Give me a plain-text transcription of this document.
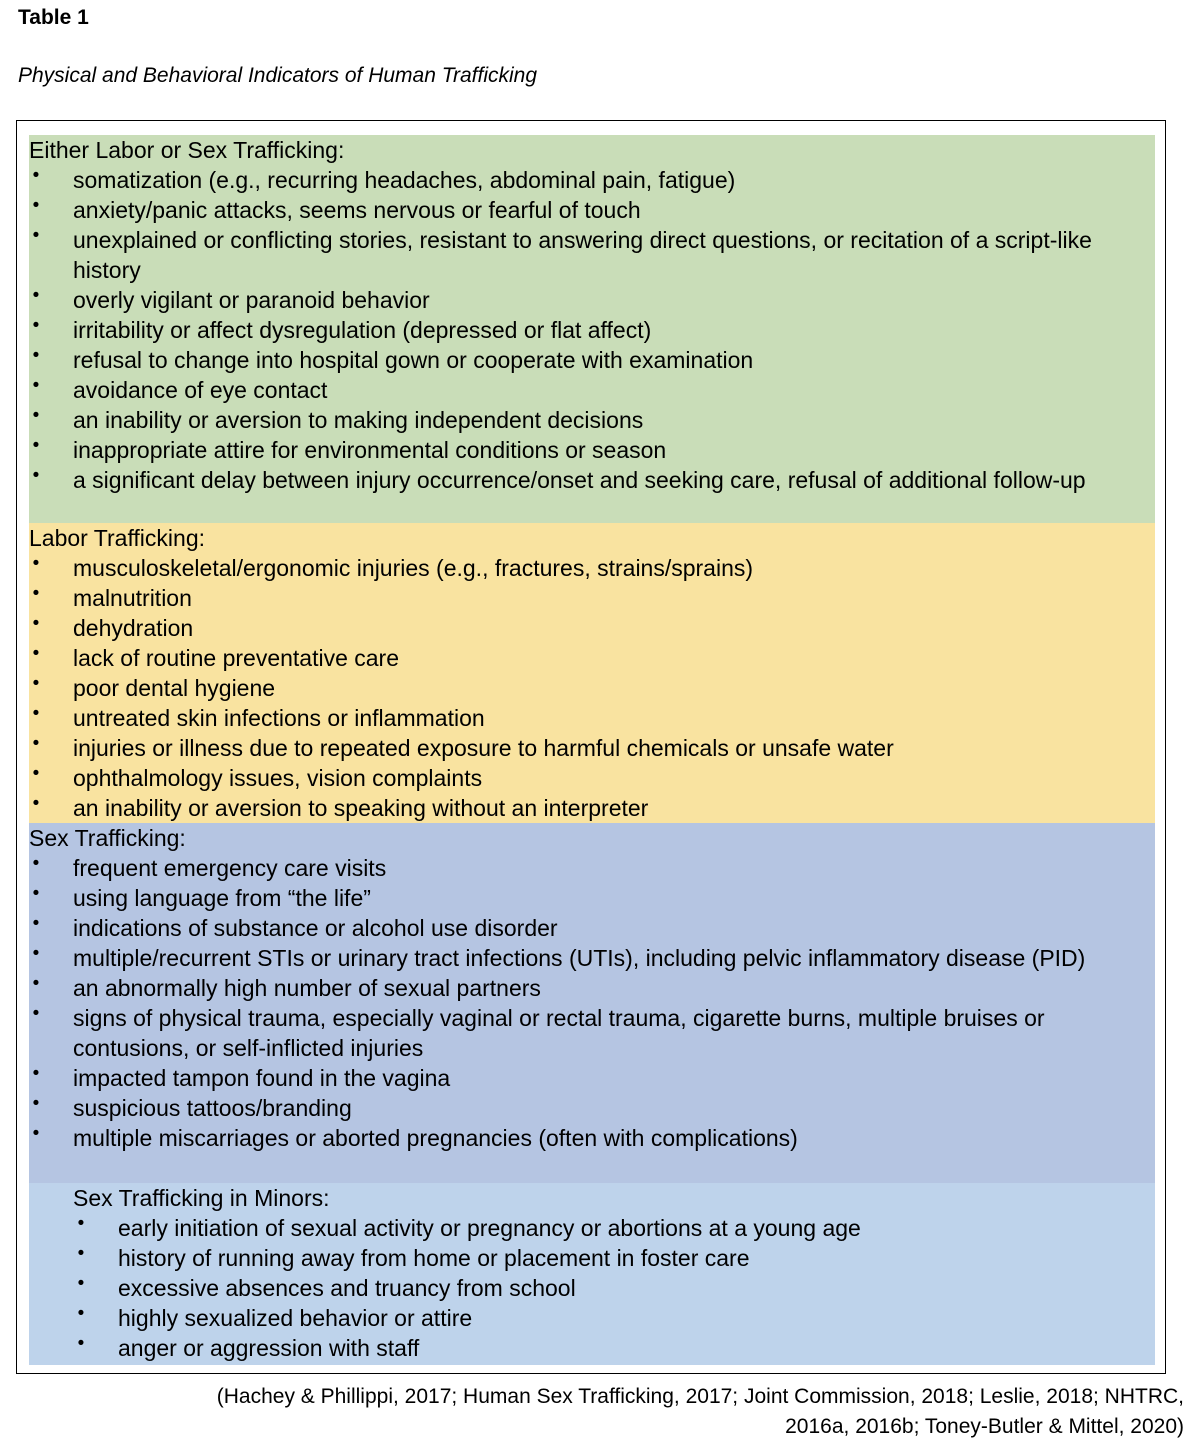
Table 1
Physical and Behavioral Indicators of Human Trafficking

Either Labor or Sex Trafficking:

• somatization (e.g., recurring headaches, abdominal pain, fatigue)
• anxiety/panic attacks, seems nervous or fearful of touch
• unexplained or conflicting stories, resistant to answering direct questions, or recitation of a script-like history
• overly vigilant or paranoid behavior
• irritability or affect dysregulation (depressed or flat affect)
• refusal to change into hospital gown or cooperate with examination
• avoidance of eye contact
• an inability or aversion to making independent decisions
• inappropriate attire for environmental conditions or season
• a significant delay between injury occurrence/onset and seeking care, refusal of additional follow-up

Labor Trafficking:

• musculoskeletal/ergonomic injuries (e.g., fractures, strains/sprains)
• malnutrition
• dehydration
• lack of routine preventative care
• poor dental hygiene
• untreated skin infections or inflammation
• injuries or illness due to repeated exposure to harmful chemicals or unsafe water
• ophthalmology issues, vision complaints
• an inability or aversion to speaking without an interpreter

Sex Trafficking:

• frequent emergency care visits
• using language from “the life”
• indications of substance or alcohol use disorder
• multiple/recurrent STIs or urinary tract infections (UTIs), including pelvic inflammatory disease (PID)
• an abnormally high number of sexual partners
• signs of physical trauma, especially vaginal or rectal trauma, cigarette burns, multiple bruises or contusions, or self-inflicted injuries
• impacted tampon found in the vagina
• suspicious tattoos/branding
• multiple miscarriages or aborted pregnancies (often with complications)

Sex Trafficking in Minors:

• early initiation of sexual activity or pregnancy or abortions at a young age
• history of running away from home or placement in foster care
• excessive absences and truancy from school
• highly sexualized behavior or attire
• anger or aggression with staff
(Hachey & Phillippi, 2017; Human Sex Trafficking, 2017; Joint Commission, 2018; Leslie, 2018; NHTRC,
2016a, 2016b; Toney-Butler & Mittel, 2020)
